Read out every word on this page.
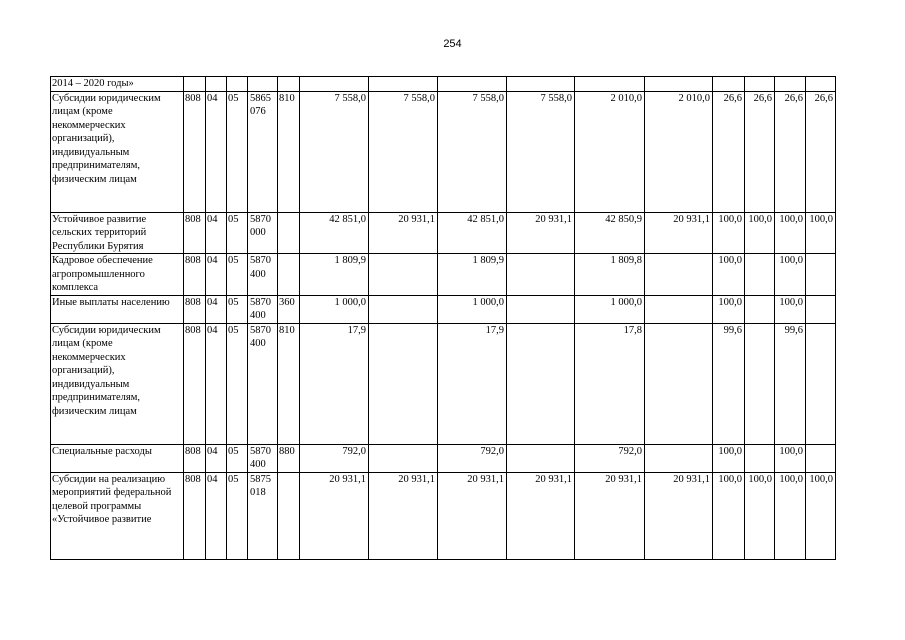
254
2014 – 2020 годы»															
Субсидии юридическим лицам (кроме некоммерческих организаций), индивидуальным предпринимателям, физическим лицам	808	04	05	5865 076	810	7 558,0	7 558,0	7 558,0	7 558,0	2 010,0	2 010,0	26,6	26,6	26,6	26,6
Устойчивое развитие сельских территорий Республики Бурятия	808	04	05	5870 000		42 851,0	20 931,1	42 851,0	20 931,1	42 850,9	20 931,1	100,0	100,0	100,0	100,0
Кадровое обеспечение агропромышленного комплекса	808	04	05	5870 400		1 809,9		1 809,9		1 809,8		100,0		100,0	
Иные выплаты населению	808	04	05	5870 400	360	1 000,0		1 000,0		1 000,0		100,0		100,0	
Субсидии юридическим лицам (кроме некоммерческих организаций), индивидуальным предпринимателям, физическим лицам	808	04	05	5870 400	810	17,9		17,9		17,8		99,6		99,6	
Специальные расходы	808	04	05	5870 400	880	792,0		792,0		792,0		100,0		100,0	
Субсидии на реализацию мероприятий федеральной целевой программы «Устойчивое развитие	808	04	05	5875 018		20 931,1	20 931,1	20 931,1	20 931,1	20 931,1	20 931,1	100,0	100,0	100,0	100,0
